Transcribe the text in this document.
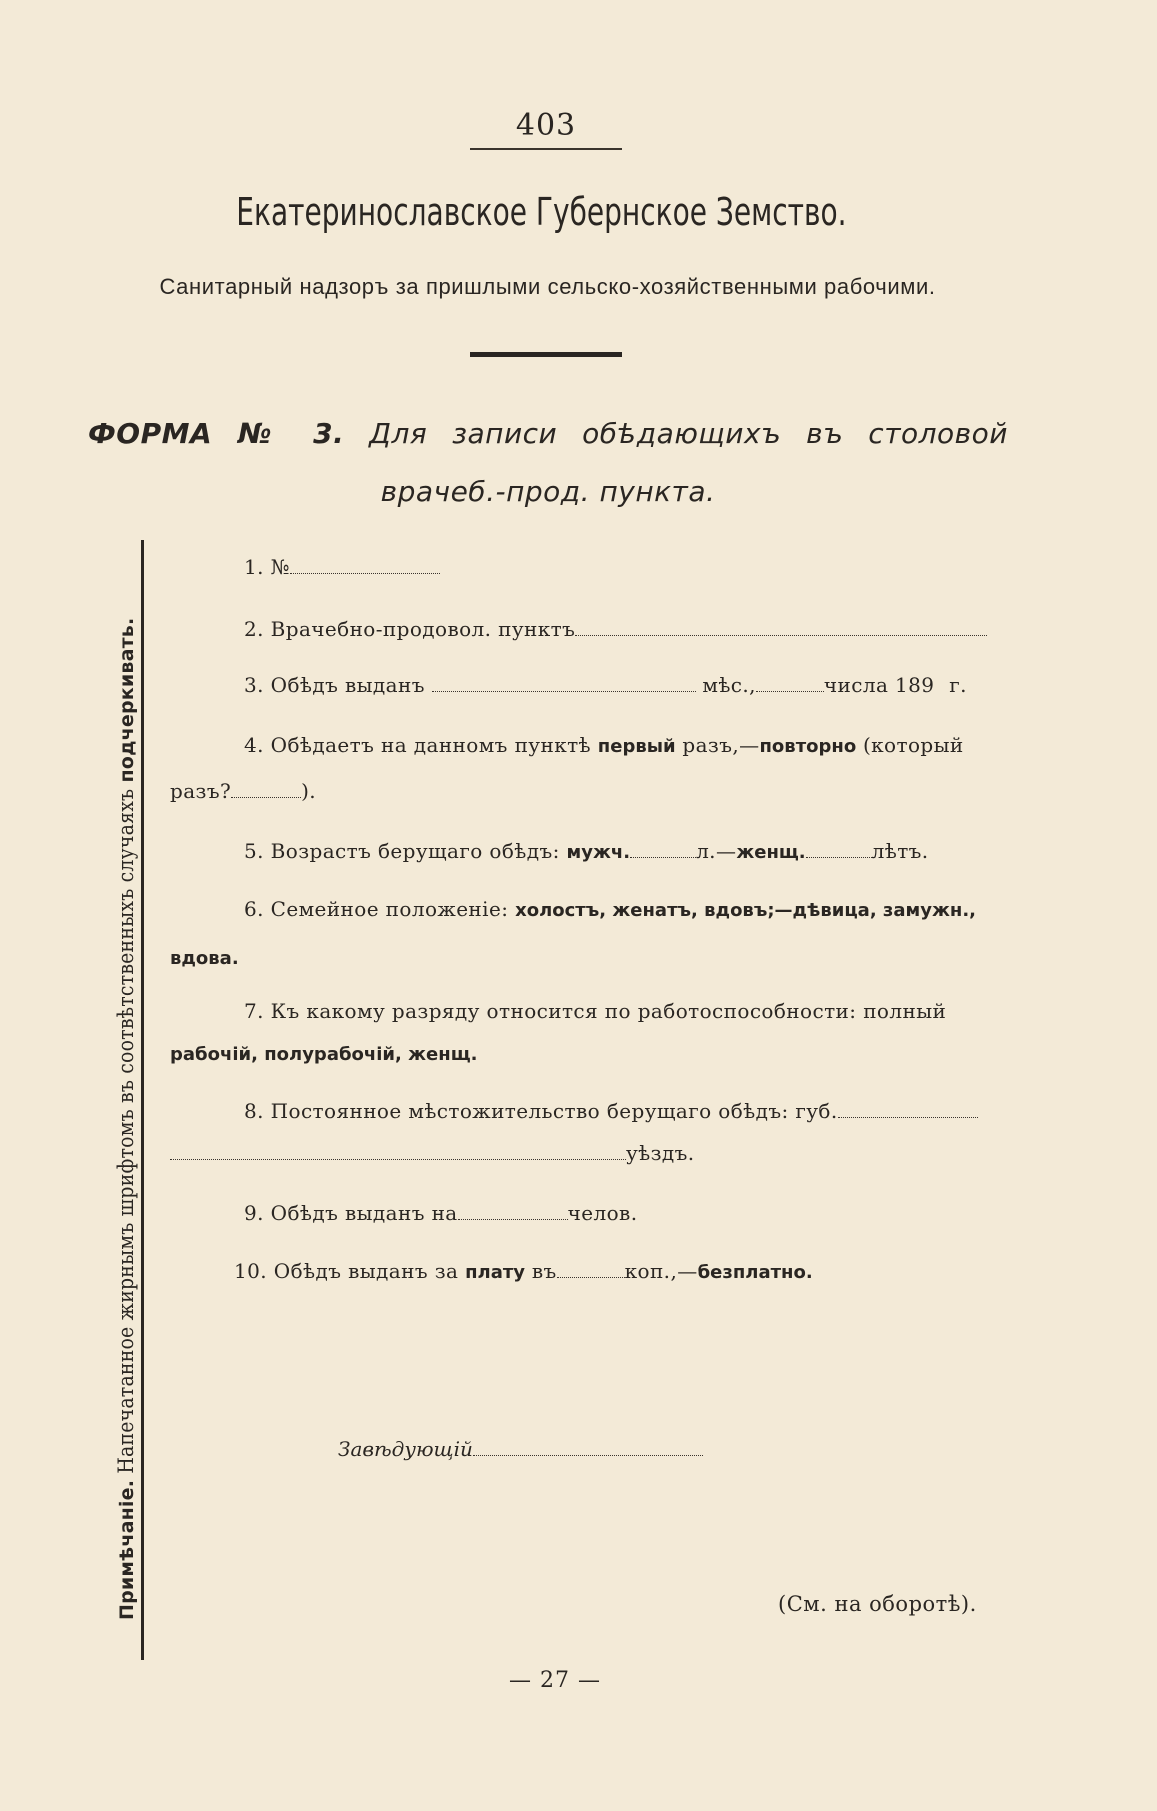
403
Екатеринославское Губернское Земство.
Санитарный надзоръ за пришлыми сельско-хозяйственными рабочими.
ФОРМА № 3. Для записи обѣдающихъ въ столовой врачеб.-прод. пункта.
Примѣчаніе. Напечатанное жирнымъ шрифтомъ въ соотвѣтственныхъ случаяхъ подчеркивать.
1. №
2. Врачебно-продовол. пунктъ
3. Обѣдъ выданъ	мѣс.,	числа 189 г.
4. Обѣдаетъ на данномъ пунктѣ первый разъ,—повторно (который
разъ?	).
5. Возрастъ берущаго обѣдъ: мужч.	л.—женщ.	лѣтъ.
6. Семейное положеніе: холостъ, женатъ, вдовъ;—дѣвица, замужн.,
вдова.
7. Къ какому разряду относится по работоспособности: полный
рабочій, полурабочій, женщ.
8. Постоянное мѣстожительство берущаго обѣдъ: губ.
уѣздъ.
9. Обѣдъ выданъ на	челов.
10. Обѣдъ выданъ за плату въ	коп.,—безплатно.
Завѣдующій
(См. на оборотѣ).
— 27 —
